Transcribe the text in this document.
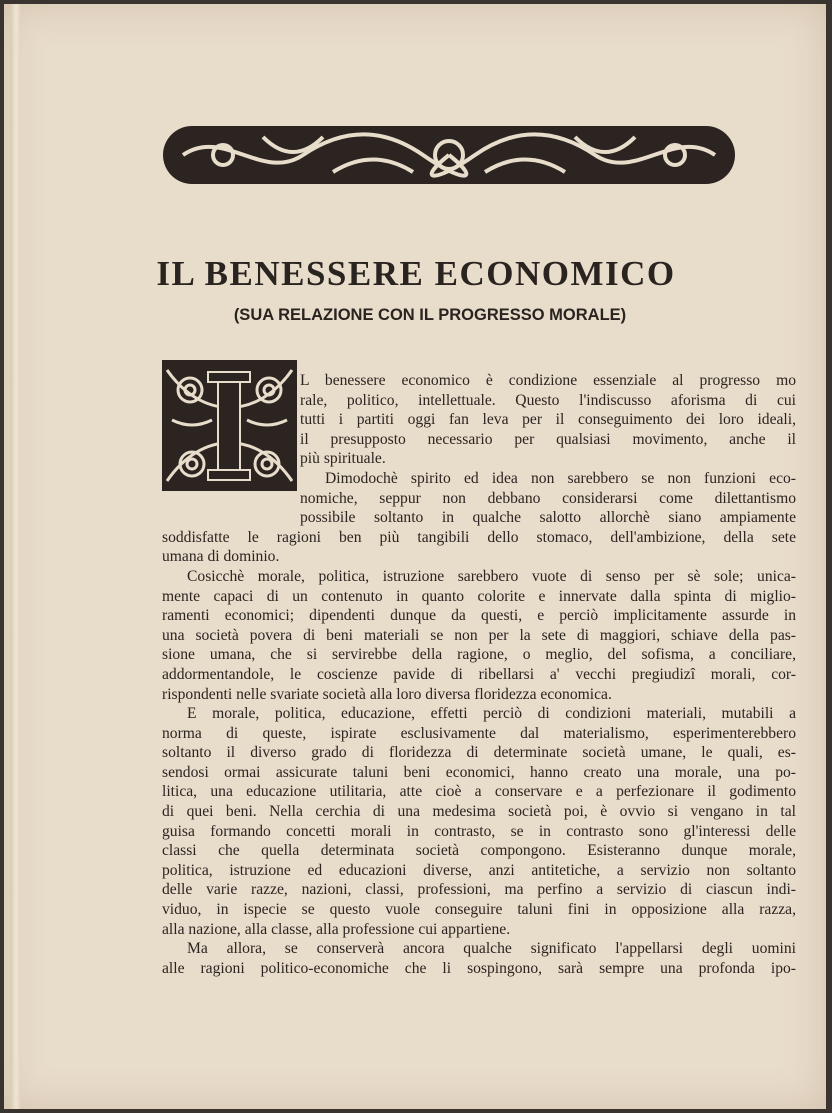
IL BENESSERE ECONOMICO
(SUA RELAZIONE CON IL PROGRESSO MORALE)
I
L benessere economico è condizione essenziale al progresso mo
rale, politico, intellettuale. Questo l'indiscusso aforisma di cui
tutti i partiti oggi fan leva per il conseguimento dei loro ideali,
il presupposto necessario per qualsiasi movimento, anche il
più spirituale.
Dimodochè spirito ed idea non sarebbero se non funzioni eco-
nomiche, seppur non debbano considerarsi come dilettantismo
possibile soltanto in qualche salotto allorchè siano ampiamente
soddisfatte le ragioni ben più tangibili dello stomaco, dell'ambizione, della sete
umana di dominio.
Cosicchè morale, politica, istruzione sarebbero vuote di senso per sè sole; unica-
mente capaci di un contenuto in quanto colorite e innervate dalla spinta di miglio-
ramenti economici; dipendenti dunque da questi, e perciò implicitamente assurde in
una società povera di beni materiali se non per la sete di maggiori, schiave della pas-
sione umana, che si servirebbe della ragione, o meglio, del sofisma, a conciliare,
addormentandole, le coscienze pavide di ribellarsi a' vecchi pregiudizî morali, cor-
rispondenti nelle svariate società alla loro diversa floridezza economica.
E morale, politica, educazione, effetti perciò di condizioni materiali, mutabili a
norma di queste, ispirate esclusivamente dal materialismo, esperimenterebbero
soltanto il diverso grado di floridezza di determinate società umane, le quali, es-
sendosi ormai assicurate taluni beni economici, hanno creato una morale, una po-
litica, una educazione utilitaria, atte cioè a conservare e a perfezionare il godimento
di quei beni. Nella cerchia di una medesima società poi, è ovvio si vengano in tal
guisa formando concetti morali in contrasto, se in contrasto sono gl'interessi delle
classi che quella determinata società compongono. Esisteranno dunque morale,
politica, istruzione ed educazioni diverse, anzi antitetiche, a servizio non soltanto
delle varie razze, nazioni, classi, professioni, ma perfino a servizio di ciascun indi-
viduo, in ispecie se questo vuole conseguire taluni fini in opposizione alla razza,
alla nazione, alla classe, alla professione cui appartiene.
Ma allora, se conserverà ancora qualche significato l'appellarsi degli uomini
alle ragioni politico-economiche che li sospingono, sarà sempre una profonda ipo-
